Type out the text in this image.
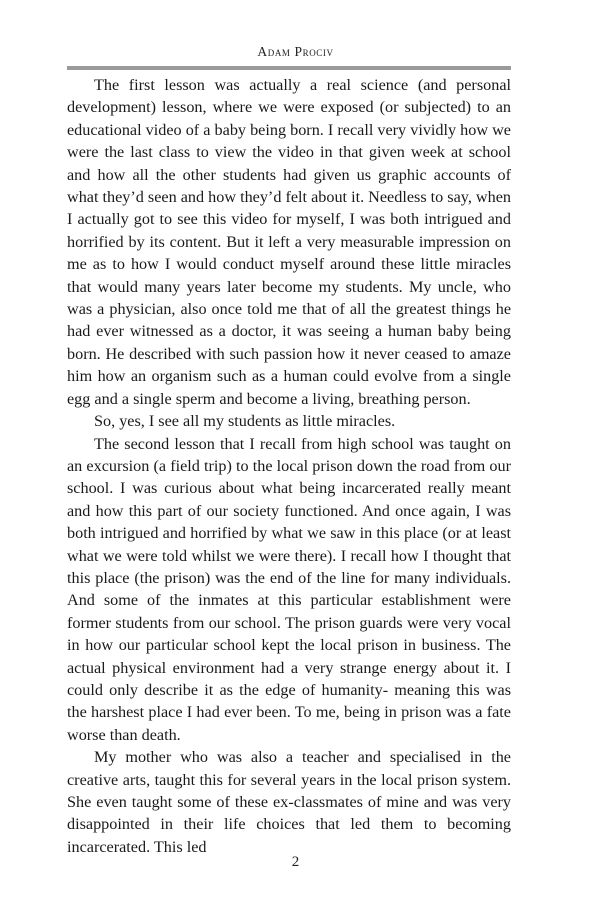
Adam Prociv

The first lesson was actually a real science (and personal development) lesson, where we were exposed (or subjected) to an educational video of a baby being born. I recall very vividly how we were the last class to view the video in that given week at school and how all the other students had given us graphic accounts of what they’d seen and how they’d felt about it. Needless to say, when I actually got to see this video for myself, I was both intrigued and horrified by its content. But it left a very measurable impression on me as to how I would conduct myself around these little miracles that would many years later become my students. My uncle, who was a physician, also once told me that of all the greatest things he had ever witnessed as a doctor, it was seeing a human baby being born. He described with such passion how it never ceased to amaze him how an organism such as a human could evolve from a single egg and a single sperm and become a living, breathing person.

So, yes, I see all my students as little miracles.

The second lesson that I recall from high school was taught on an excursion (a field trip) to the local prison down the road from our school. I was curious about what being incarcerated really meant and how this part of our society functioned. And once again, I was both intrigued and horrified by what we saw in this place (or at least what we were told whilst we were there). I recall how I thought that this place (the prison) was the end of the line for many individuals. And some of the inmates at this particular establishment were former students from our school. The prison guards were very vocal in how our particular school kept the local prison in business. The actual physical environment had a very strange energy about it. I could only describe it as the edge of humanity- meaning this was the harshest place I had ever been. To me, being in prison was a fate worse than death.

My mother who was also a teacher and specialised in the creative arts, taught this for several years in the local prison system. She even taught some of these ex-classmates of mine and was very disappointed in their life choices that led them to becoming incarcerated. This led

2
